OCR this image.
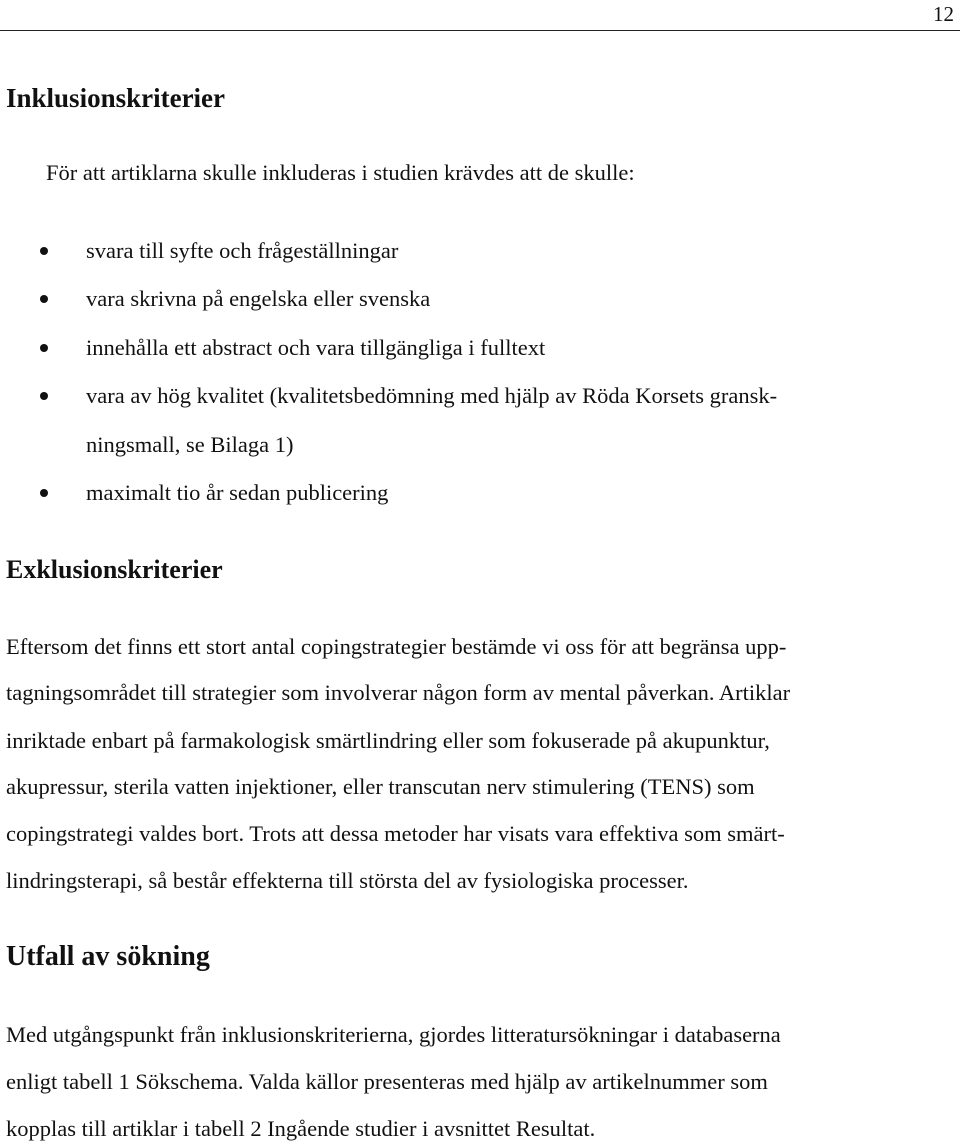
12
Inklusionskriterier

För att artiklarna skulle inkluderas i studien krävdes att de skulle:

svara till syfte och frågeställningar

vara skrivna på engelska eller svenska

innehålla ett abstract och vara tillgängliga i fulltext

vara av hög kvalitet (kvalitetsbedömning med hjälp av Röda Korsets gransk-

ningsmall, se Bilaga 1)

maximalt tio år sedan publicering

Exklusionskriterier

Eftersom det finns ett stort antal copingstrategier bestämde vi oss för att begränsa upp-

tagningsområdet till strategier som involverar någon form av mental påverkan. Artiklar

inriktade enbart på farmakologisk smärtlindring eller som fokuserade på akupunktur,

akupressur, sterila vatten injektioner, eller transcutan nerv stimulering (TENS) som

copingstrategi valdes bort. Trots att dessa metoder har visats vara effektiva som smärt-

lindringsterapi, så består effekterna till största del av fysiologiska processer.

Utfall av sökning

Med utgångspunkt från inklusionskriterierna, gjordes litteratursökningar i databaserna

enligt tabell 1 Sökschema. Valda källor presenteras med hjälp av artikelnummer som

kopplas till artiklar i tabell 2 Ingående studier i avsnittet Resultat.
